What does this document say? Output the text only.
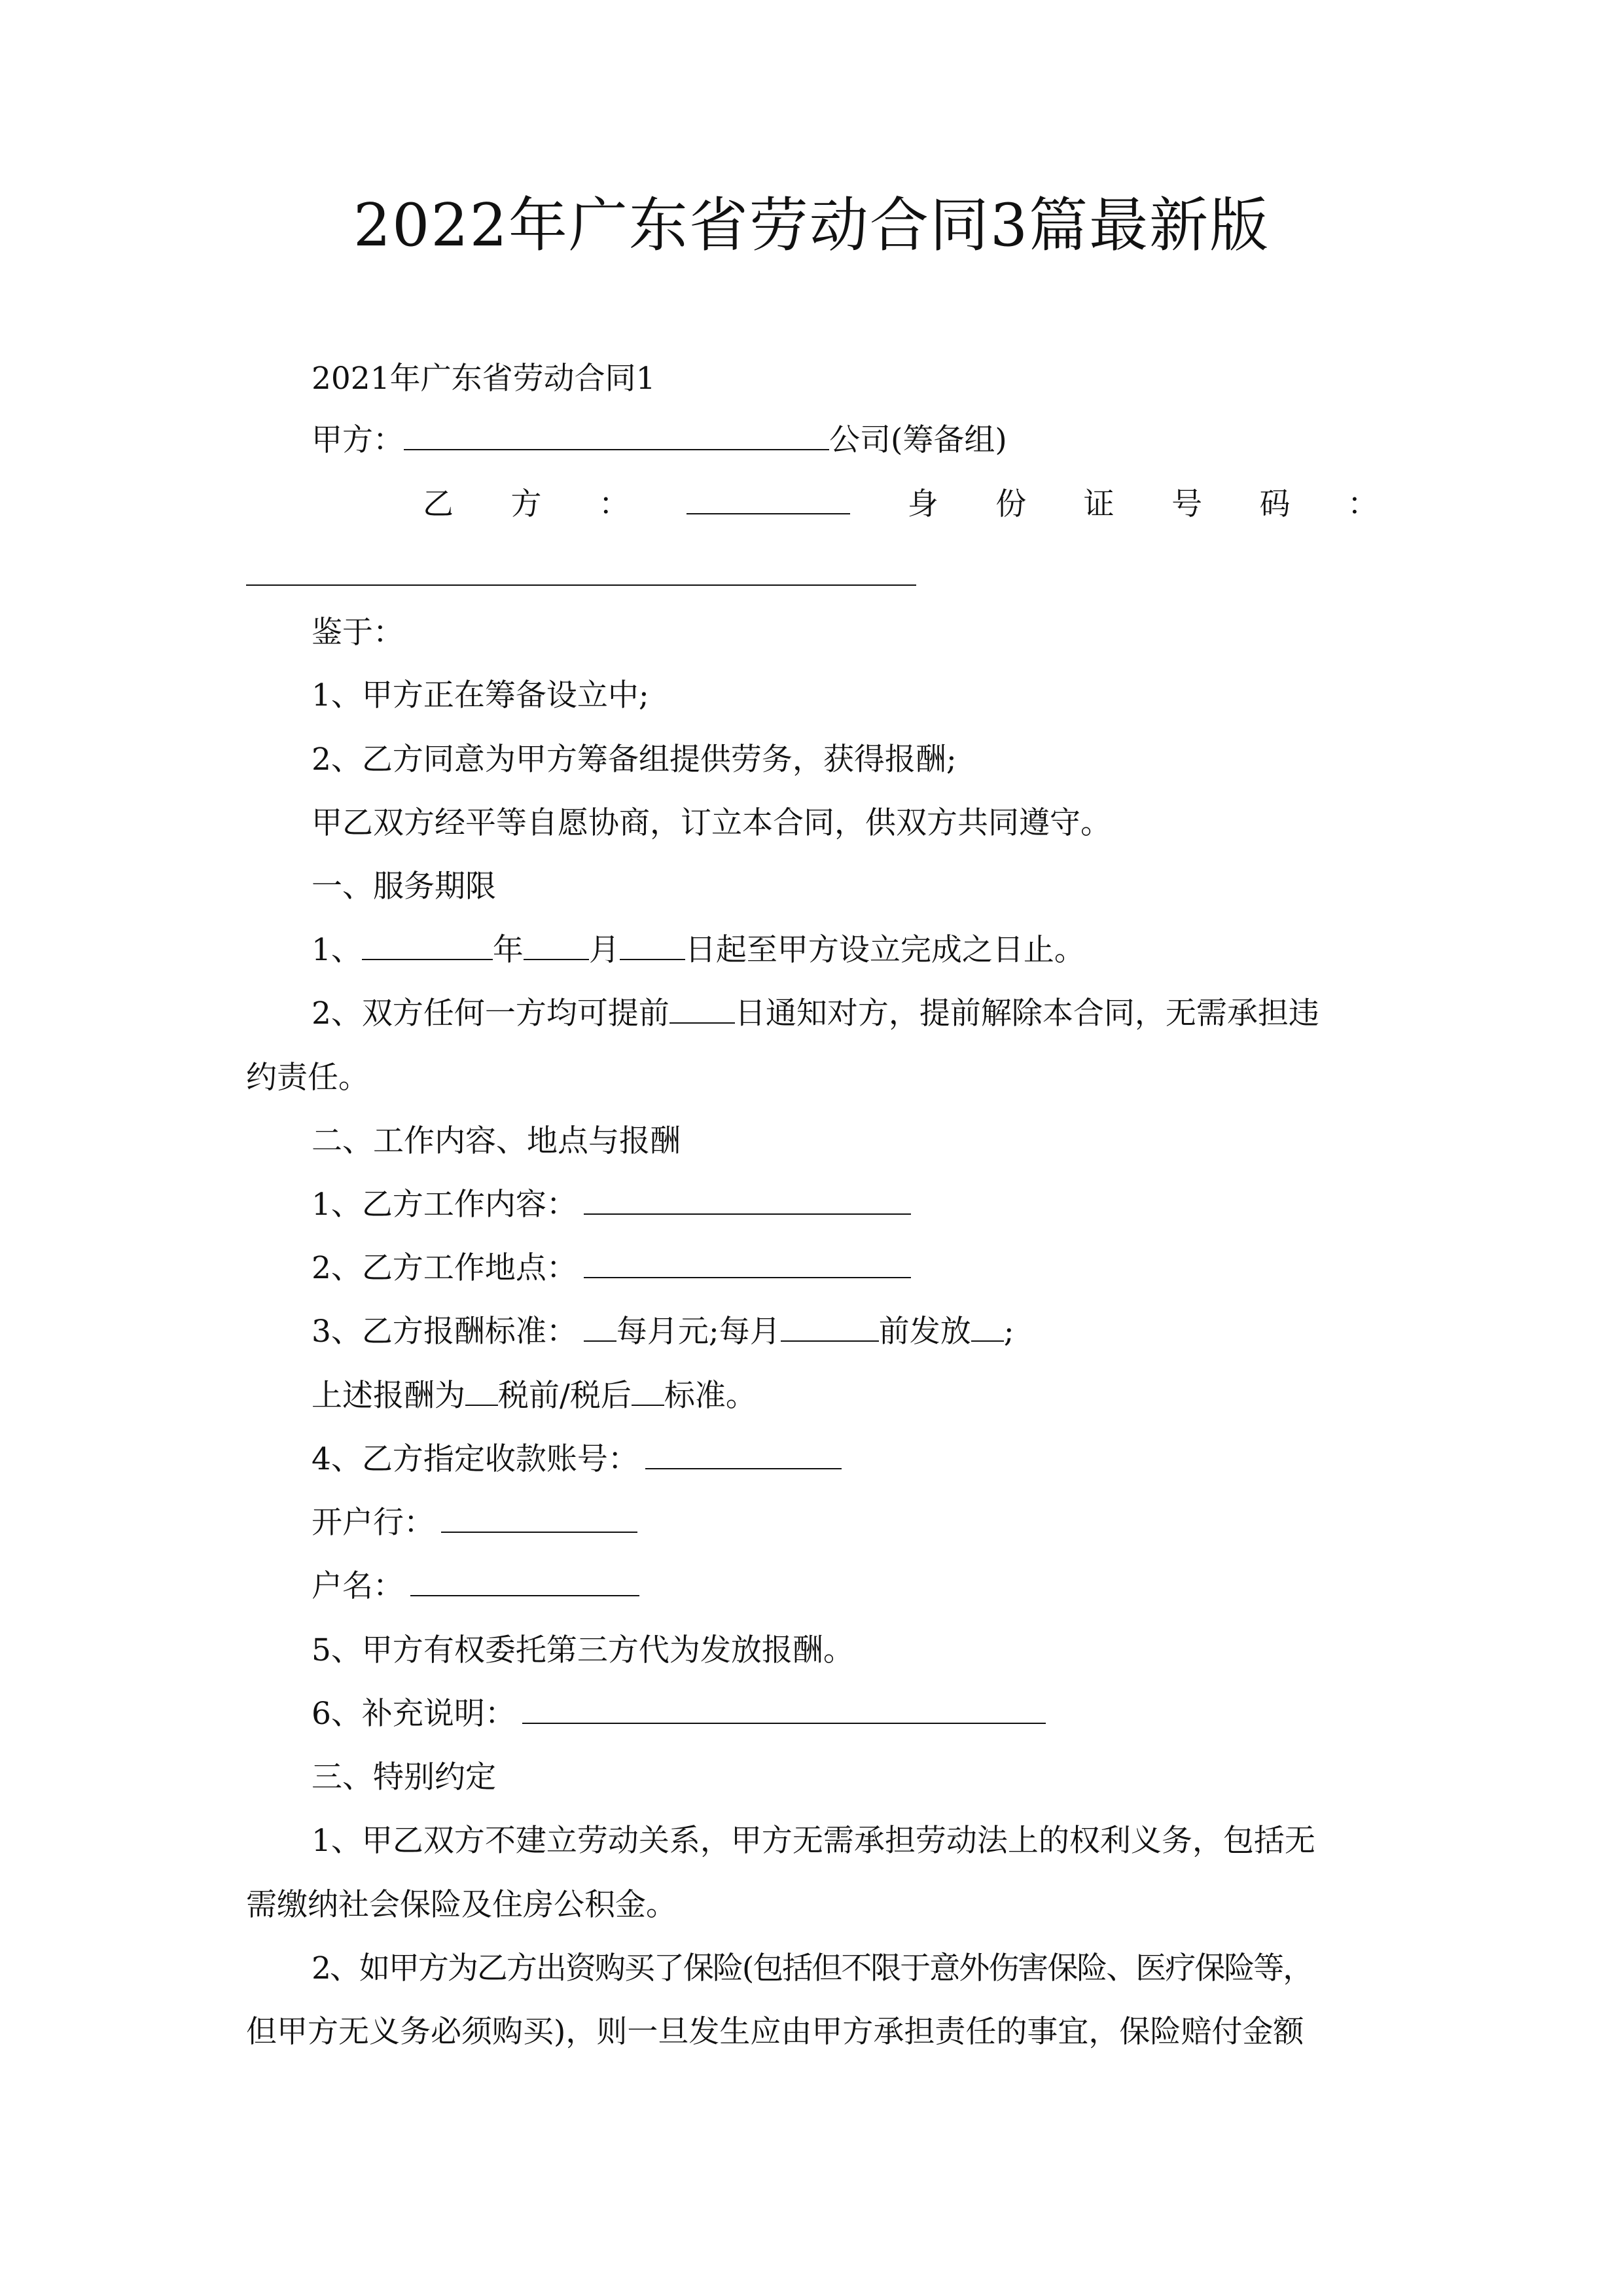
2022年广东省劳动合同3篇最新版
2021年广东省劳动合同1
甲方：	公司(筹备组)
乙 方 ：	身 份 证 号 码 ：
鉴于：
1、甲方正在筹备设立中;
2、乙方同意为甲方筹备组提供劳务，获得报酬;
甲乙双方经平等自愿协商，订立本合同，供双方共同遵守。
一、服务期限
1、	年 月 日起至甲方设立完成之日止。
2、双方任何一方均可提前 日通知对方，提前解除本合同，无需承担违
约责任。
二、工作内容、地点与报酬
1、乙方工作内容：
2、乙方工作地点：
3、乙方报酬标准： 每月元;每月	前发放 ;
上述报酬为 税前/税后 标准。
4、乙方指定收款账号：
开户行：
户名：
5、甲方有权委托第三方代为发放报酬。
6、补充说明：
三、特别约定
1、甲乙双方不建立劳动关系，甲方无需承担劳动法上的权利义务，包括无
需缴纳社会保险及住房公积金。
2、如甲方为乙方出资购买了保险(包括但不限于意外伤害保险、医疗保险等，
但甲方无义务必须购买)，则一旦发生应由甲方承担责任的事宜，保险赔付金额
